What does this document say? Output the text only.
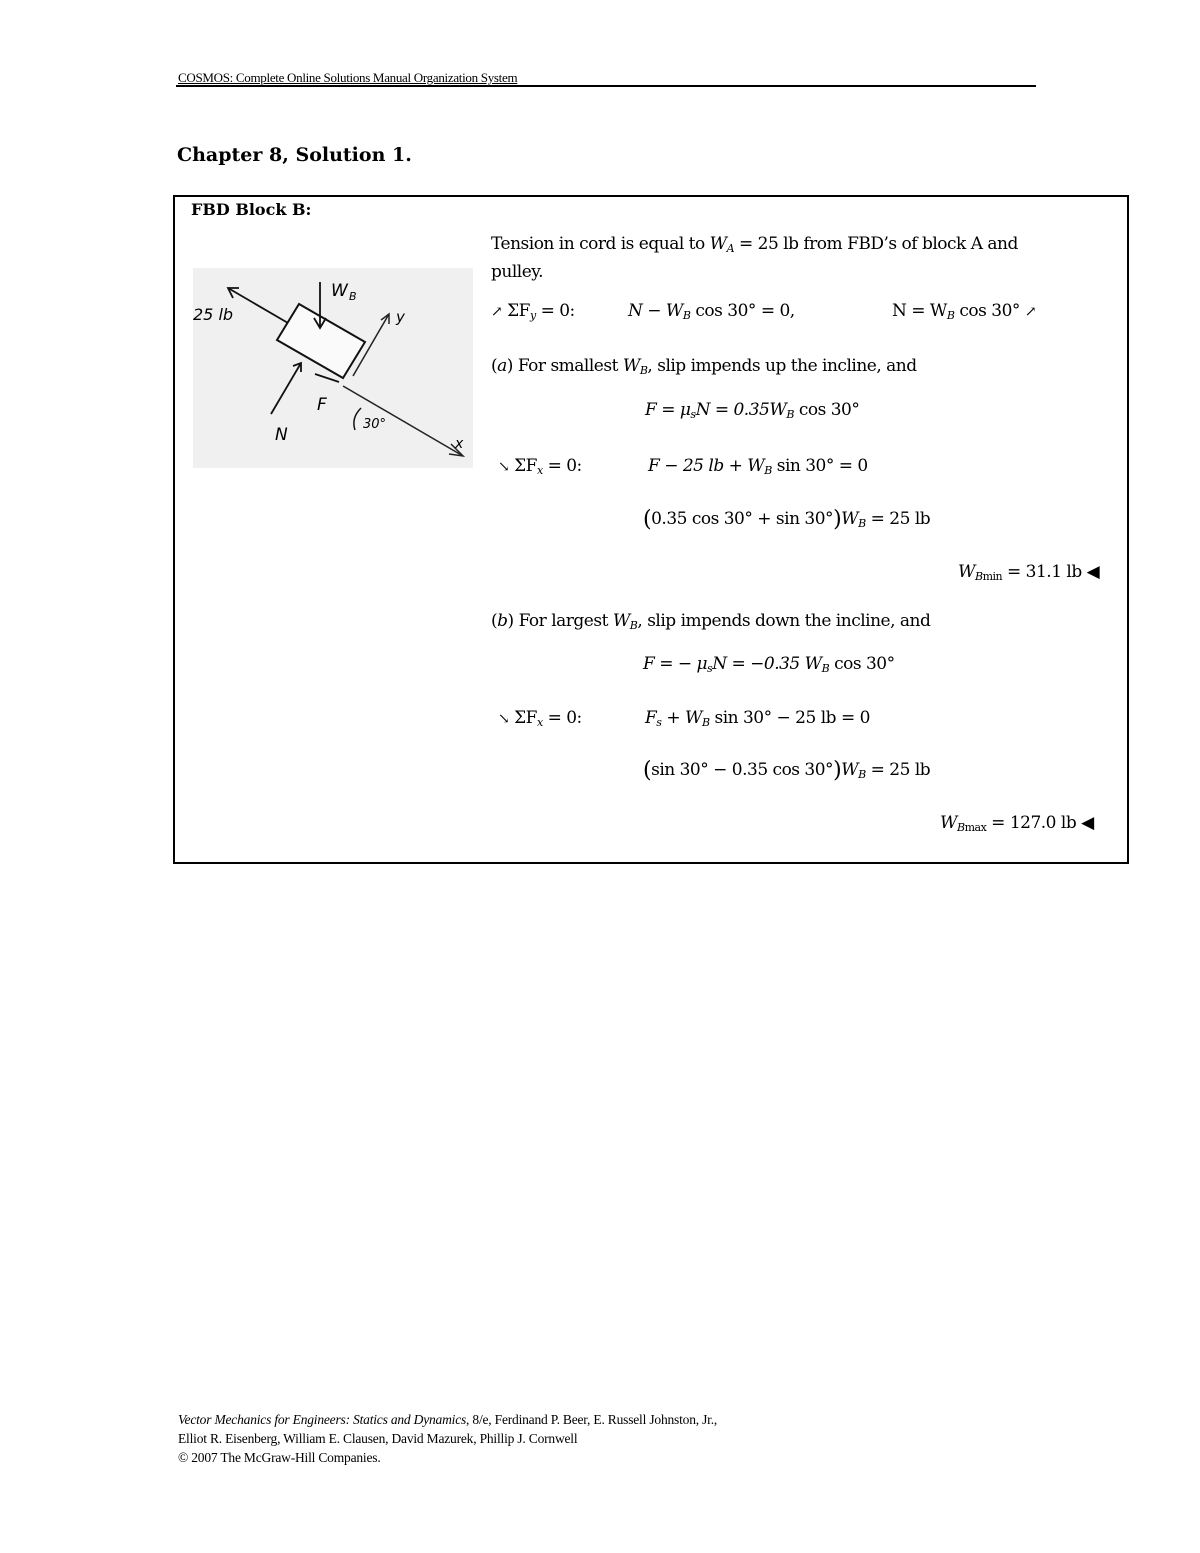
COSMOS: Complete Online Solutions Manual Organization System
Chapter 8, Solution 1.
FBD Block B:
x
y
25 lb
W B
N
F
30°
Tension in cord is equal to $W_A = 25$ lb from FBD’s of block A and
pulley.
↗ $\Sigma F_y = 0$:	$N - W_B$ cos 30° = 0,	$N = W_B$ cos 30° ↗
(a) For smallest $W_B$, slip impends up the incline, and
$F = \mu_sN = 0.35W_B$ cos 30°
↘ $\Sigma F_x = 0$:	F − 25 lb + $W_B$ sin 30° = 0
(0.35 $\cos 30^\circ + \sin 30^\circ)W_B = 25$ lb
$W_{Bmin} = 31.1$ lb ◀
(b) For largest $W_B$, slip impends down the incline, and
F = − $\mu_sN = -0.35$ $W_B$ cos 30°
↘ $\Sigma F_x = 0$:	$F_s + W_B$ sin 30° − 25 lb = 0
(sin 30° − 0.35 $\cos 30^\circ)W_B = 25$ lb
$W_{Bmax} = 127.0$ lb ◀
Vector Mechanics for Engineers: Statics and Dynamics, 8/e, Ferdinand P. Beer, E. Russell Johnston, Jr.,
Elliot R. Eisenberg, William E. Clausen, David Mazurek, Phillip J. Cornwell
© 2007 The McGraw-Hill Companies.
